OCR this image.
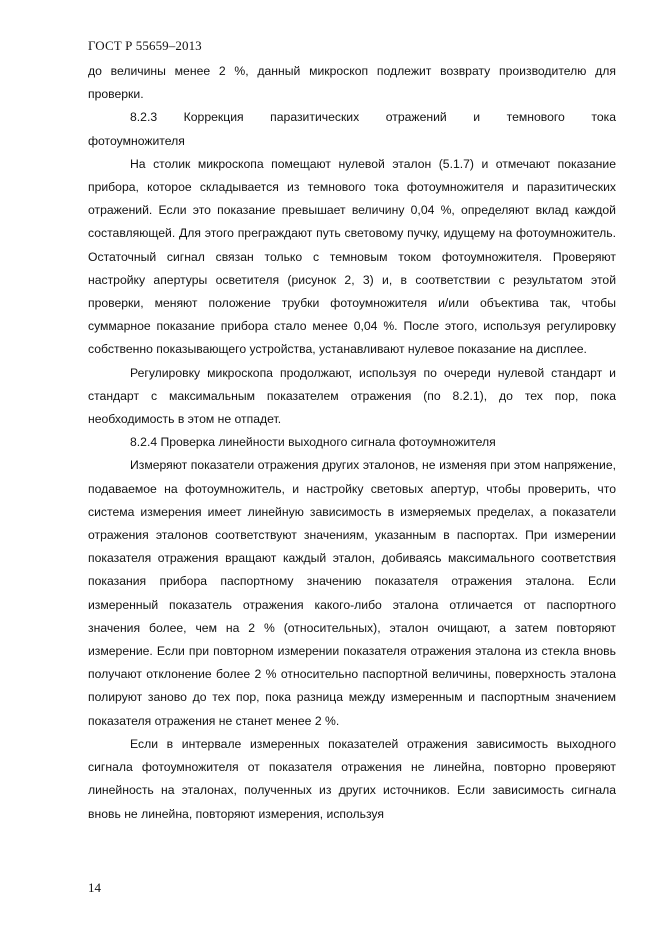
ГОСТ Р 55659–2013

до величины менее 2 %, данный микроскоп подлежит возврату производителю для проверки.

8.2.3 Коррекция паразитических отражений и темнового тока

фотоумножителя

На столик микроскопа помещают нулевой эталон (5.1.7) и отмечают показание прибора, которое складывается из темнового тока фотоумножителя и паразитических отражений. Если это показание превышает величину 0,04 %, определяют вклад каждой составляющей. Для этого преграждают путь световому пучку, идущему на фотоумножитель. Остаточный сигнал связан только с темновым током фотоумножителя. Проверяют настройку апертуры осветителя (рисунок 2, 3) и, в соответствии с результатом этой проверки, меняют положение трубки фотоумножителя и/или объектива так, чтобы суммарное показание прибора стало менее 0,04 %. После этого, используя регулировку собственно показывающего устройства, устанавливают нулевое показание на дисплее.

Регулировку микроскопа продолжают, используя по очереди нулевой стандарт и стандарт с максимальным показателем отражения (по 8.2.1), до тех пор, пока необходимость в этом не отпадет.

8.2.4 Проверка линейности выходного сигнала фотоумножителя

Измеряют показатели отражения других эталонов, не изменяя при этом напряжение, подаваемое на фотоумножитель, и настройку световых апертур, чтобы проверить, что система измерения имеет линейную зависимость в измеряемых пределах, а показатели отражения эталонов соответствуют значениям, указанным в паспортах. При измерении показателя отражения вращают каждый эталон, добиваясь максимального соответствия показания прибора паспортному значению показателя отражения эталона. Если измеренный показатель отражения какого-либо эталона отличается от паспортного значения более, чем на 2 % (относительных), эталон очищают, а затем повторяют измерение. Если при повторном измерении показателя отражения эталона из стекла вновь получают отклонение более 2 % относительно паспортной величины, поверхность эталона полируют заново до тех пор, пока разница между измеренным и паспортным значением показателя отражения не станет менее 2 %.

Если в интервале измеренных показателей отражения зависимость выходного сигнала фотоумножителя от показателя отражения не линейна, повторно проверяют линейность на эталонах, полученных из других источников. Если зависимость сигнала вновь не линейна, повторяют измерения, используя

14
